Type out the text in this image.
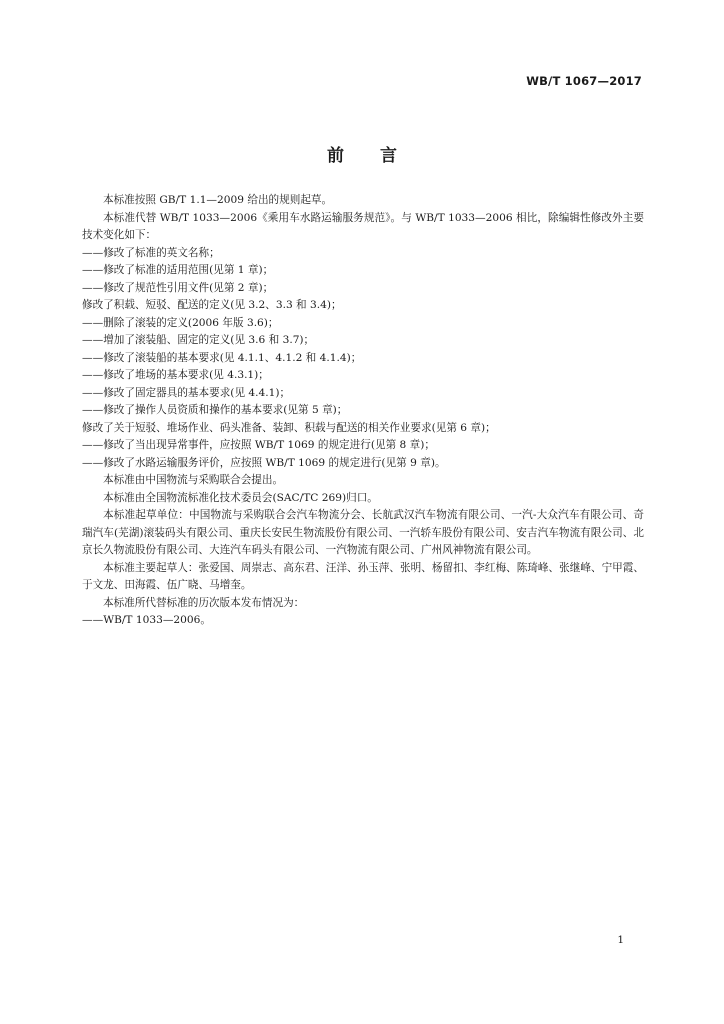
WB/T 1067—2017
前言

本标准按照 GB/T 1.1—2009 给出的规则起草。

本标准代替 WB/T 1033—2006《乘用车水路运输服务规范》。与 WB/T 1033—2006 相比，除编辑性修改外主要技术变化如下：

——修改了标准的英文名称；

——修改了标准的适用范围(见第 1 章)；

——修改了规范性引用文件(见第 2 章)；

修改了积载、短驳、配送的定义(见 3.2、3.3 和 3.4)；

——删除了滚装的定义(2006 年版 3.6)；

——增加了滚装船、固定的定义(见 3.6 和 3.7)；

——修改了滚装船的基本要求(见 4.1.1、4.1.2 和 4.1.4)；

——修改了堆场的基本要求(见 4.3.1)；

——修改了固定器具的基本要求(见 4.4.1)；

——修改了操作人员资质和操作的基本要求(见第 5 章)；

修改了关于短驳、堆场作业、码头准备、装卸、积载与配送的相关作业要求(见第 6 章)；

——修改了当出现异常事件，应按照 WB/T 1069 的规定进行(见第 8 章)；

——修改了水路运输服务评价，应按照 WB/T 1069 的规定进行(见第 9 章)。

本标准由中国物流与采购联合会提出。

本标准由全国物流标准化技术委员会(SAC/TC 269)归口。

本标准起草单位：中国物流与采购联合会汽车物流分会、长航武汉汽车物流有限公司、一汽-大众汽车有限公司、奇瑞汽车(芜湖)滚装码头有限公司、重庆长安民生物流股份有限公司、一汽轿车股份有限公司、安吉汽车物流有限公司、北京长久物流股份有限公司、大连汽车码头有限公司、一汽物流有限公司、广州风神物流有限公司。

本标准主要起草人：张爱国、周崇志、高东君、汪洋、孙玉萍、张明、杨留扣、李红梅、陈琦峰、张继峰、宁甲霞、于文龙、田海霞、伍广晓、马增奎。

本标准所代替标准的历次版本发布情况为：

——WB/T 1033—2006。

1
